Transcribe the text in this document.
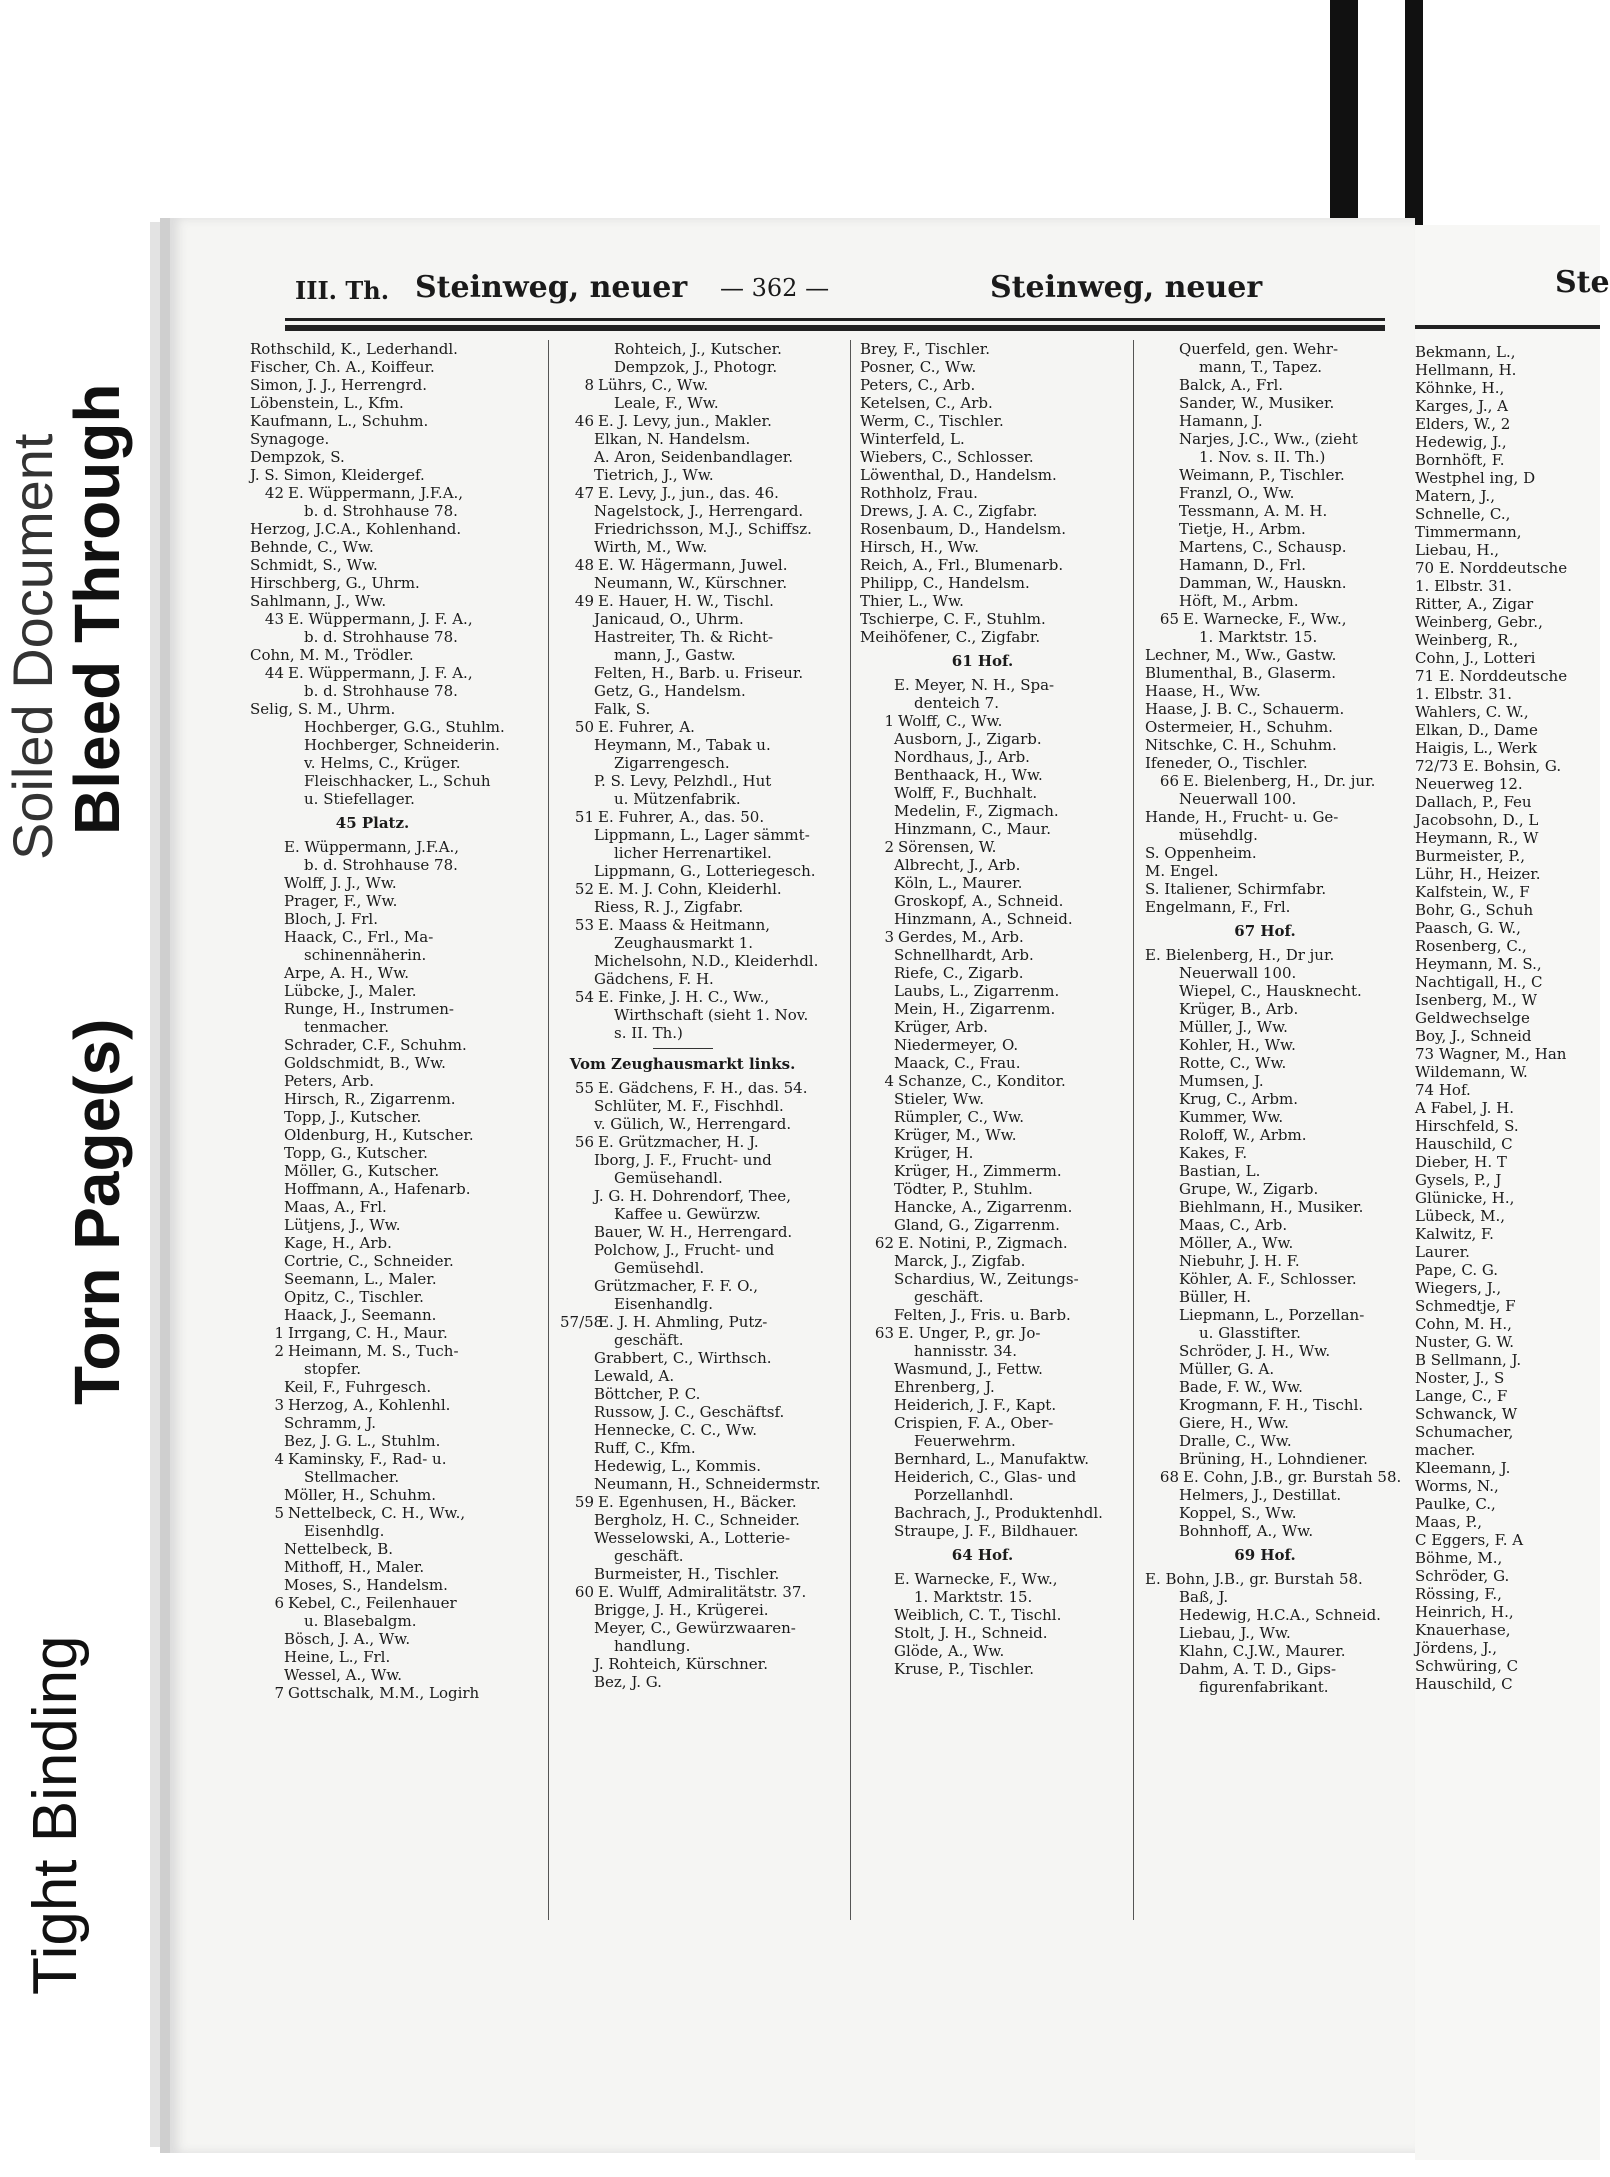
Soiled Document
Bleed Through
Torn Page(s)
Tight Binding
III. Th. Steinweg, neuer — 362 —	Steinweg, neuer
Rothschild, K., Lederhandl.
Fischer, Ch. A., Koiffeur.
Simon, J. J., Herrengrd.
Löbenstein, L., Kfm.
Kaufmann, L., Schuhm.
Synagoge.
Dempzok, S.
J. S. Simon, Kleidergef.
42 E. Wüppermann, J.F.A.,
b. d. Strohhause 78.
Herzog, J.C.A., Kohlenhand.
Behnde, C., Ww.
Schmidt, S., Ww.
Hirschberg, G., Uhrm.
Sahlmann, J., Ww.
43 E. Wüppermann, J. F. A.,
b. d. Strohhause 78.
Cohn, M. M., Trödler.
44 E. Wüppermann, J. F. A.,
b. d. Strohhause 78.
Selig, S. M., Uhrm.
Hochberger, G.G., Stuhlm.
Hochberger, Schneiderin.
v. Helms, C., Krüger.
Fleischhacker, L., Schuh
u. Stiefellager.
45 Platz.
E. Wüppermann, J.F.A.,
b. d. Strohhause 78.
Wolff, J. J., Ww.
Prager, F., Ww.
Bloch, J. Frl.
Haack, C., Frl., Ma-
schinennäherin.
Arpe, A. H., Ww.
Lübcke, J., Maler.
Runge, H., Instrumen-
tenmacher.
Schrader, C.F., Schuhm.
Goldschmidt, B., Ww.
Peters, Arb.
Hirsch, R., Zigarrenm.
Topp, J., Kutscher.
Oldenburg, H., Kutscher.
Topp, G., Kutscher.
Möller, G., Kutscher.
Hoffmann, A., Hafenarb.
Maas, A., Frl.
Lütjens, J., Ww.
Kage, H., Arb.
Cortrie, C., Schneider.
Seemann, L., Maler.
Opitz, C., Tischler.
Haack, J., Seemann.
1 Irrgang, C. H., Maur.
2 Heimann, M. S., Tuch-
stopfer.
Keil, F., Fuhrgesch.
3 Herzog, A., Kohlenhl.
Schramm, J.
Bez, J. G. L., Stuhlm.
4 Kaminsky, F., Rad- u.
Stellmacher.
Möller, H., Schuhm.
5 Nettelbeck, C. H., Ww.,
Eisenhdlg.
Nettelbeck, B.
Mithoff, H., Maler.
Moses, S., Handelsm.
6 Kebel, C., Feilenhauer
u. Blasebalgm.
Bösch, J. A., Ww.
Heine, L., Frl.
Wessel, A., Ww.
7 Gottschalk, M.M., Logirh
Rohteich, J., Kutscher.
Dempzok, J., Photogr.
8 Lührs, C., Ww.
Leale, F., Ww.
46 E. J. Levy, jun., Makler.
Elkan, N. Handelsm.
A. Aron, Seidenbandlager.
Tietrich, J., Ww.
47 E. Levy, J., jun., das. 46.
Nagelstock, J., Herrengard.
Friedrichsson, M.J., Schiffsz.
Wirth, M., Ww.
48 E. W. Hägermann, Juwel.
Neumann, W., Kürschner.
49 E. Hauer, H. W., Tischl.
Janicaud, O., Uhrm.
Hastreiter, Th. & Richt-
mann, J., Gastw.
Felten, H., Barb. u. Friseur.
Getz, G., Handelsm.
Falk, S.
50 E. Fuhrer, A.
Heymann, M., Tabak u.
Zigarrengesch.
P. S. Levy, Pelzhdl., Hut
u. Mützenfabrik.
51 E. Fuhrer, A., das. 50.
Lippmann, L., Lager sämmt-
licher Herrenartikel.
Lippmann, G., Lotteriegesch.
52 E. M. J. Cohn, Kleiderhl.
Riess, R. J., Zigfabr.
53 E. Maass & Heitmann,
Zeughausmarkt 1.
Michelsohn, N.D., Kleiderhdl.
Gädchens, F. H.
54 E. Finke, J. H. C., Ww.,
Wirthschaft (sieht 1. Nov.
s. II. Th.)
Vom Zeughausmarkt links.
55 E. Gädchens, F. H., das. 54.
Schlüter, M. F., Fischhdl.
v. Gülich, W., Herrengard.
56 E. Grützmacher, H. J.
Iborg, J. F., Frucht- und
Gemüsehandl.
J. G. H. Dohrendorf, Thee,
Kaffee u. Gewürzw.
Bauer, W. H., Herrengard.
Polchow, J., Frucht- und
Gemüsehdl.
Grützmacher, F. F. O.,
Eisenhandlg.
57/58E. J. H. Ahmling, Putz-
geschäft.
Grabbert, C., Wirthsch.
Lewald, A.
Böttcher, P. C.
Russow, J. C., Geschäftsf.
Hennecke, C. C., Ww.
Ruff, C., Kfm.
Hedewig, L., Kommis.
Neumann, H., Schneidermstr.
59 E. Egenhusen, H., Bäcker.
Bergholz, H. C., Schneider.
Wesselowski, A., Lotterie-
geschäft.
Burmeister, H., Tischler.
60 E. Wulff, Admiralitätstr. 37.
Brigge, J. H., Krügerei.
Meyer, C., Gewürzwaaren-
handlung.
J. Rohteich, Kürschner.
Bez, J. G.
Brey, F., Tischler.
Posner, C., Ww.
Peters, C., Arb.
Ketelsen, C., Arb.
Werm, C., Tischler.
Winterfeld, L.
Wiebers, C., Schlosser.
Löwenthal, D., Handelsm.
Rothholz, Frau.
Drews, J. A. C., Zigfabr.
Rosenbaum, D., Handelsm.
Hirsch, H., Ww.
Reich, A., Frl., Blumenarb.
Philipp, C., Handelsm.
Thier, L., Ww.
Tschierpe, C. F., Stuhlm.
Meihöfener, C., Zigfabr.
61 Hof.
E. Meyer, N. H., Spa-
denteich 7.
1 Wolff, C., Ww.
Ausborn, J., Zigarb.
Nordhaus, J., Arb.
Benthaack, H., Ww.
Wolff, F., Buchhalt.
Medelin, F., Zigmach.
Hinzmann, C., Maur.
2 Sörensen, W.
Albrecht, J., Arb.
Köln, L., Maurer.
Groskopf, A., Schneid.
Hinzmann, A., Schneid.
3 Gerdes, M., Arb.
Schnellhardt, Arb.
Riefe, C., Zigarb.
Laubs, L., Zigarrenm.
Mein, H., Zigarrenm.
Krüger, Arb.
Niedermeyer, O.
Maack, C., Frau.
4 Schanze, C., Konditor.
Stieler, Ww.
Rümpler, C., Ww.
Krüger, M., Ww.
Krüger, H.
Krüger, H., Zimmerm.
Tödter, P., Stuhlm.
Hancke, A., Zigarrenm.
Gland, G., Zigarrenm.
62 E. Notini, P., Zigmach.
Marck, J., Zigfab.
Schardius, W., Zeitungs-
geschäft.
Felten, J., Fris. u. Barb.
63 E. Unger, P., gr. Jo-
hannisstr. 34.
Wasmund, J., Fettw.
Ehrenberg, J.
Heiderich, J. F., Kapt.
Crispien, F. A., Ober-
Feuerwehrm.
Bernhard, L., Manufaktw.
Heiderich, C., Glas- und
Porzellanhdl.
Bachrach, J., Produktenhdl.
Straupe, J. F., Bildhauer.
64 Hof.
E. Warnecke, F., Ww.,
1. Marktstr. 15.
Weiblich, C. T., Tischl.
Stolt, J. H., Schneid.
Glöde, A., Ww.
Kruse, P., Tischler.
Querfeld, gen. Wehr-
mann, T., Tapez.
Balck, A., Frl.
Sander, W., Musiker.
Hamann, J.
Narjes, J.C., Ww., (zieht
1. Nov. s. II. Th.)
Weimann, P., Tischler.
Franzl, O., Ww.
Tessmann, A. M. H.
Tietje, H., Arbm.
Martens, C., Schausp.
Hamann, D., Frl.
Damman, W., Hauskn.
Höft, M., Arbm.
65 E. Warnecke, F., Ww.,
1. Marktstr. 15.
Lechner, M., Ww., Gastw.
Blumenthal, B., Glaserm.
Haase, H., Ww.
Haase, J. B. C., Schauerm.
Ostermeier, H., Schuhm.
Nitschke, C. H., Schuhm.
Ifeneder, O., Tischler.
66 E. Bielenberg, H., Dr. jur.
Neuerwall 100.
Hande, H., Frucht- u. Ge-
müsehdlg.
S. Oppenheim.
M. Engel.
S. Italiener, Schirmfabr.
Engelmann, F., Frl.
67 Hof.
E. Bielenberg, H., Dr jur.
Neuerwall 100.
Wiepel, C., Hausknecht.
Krüger, B., Arb.
Müller, J., Ww.
Kohler, H., Ww.
Rotte, C., Ww.
Mumsen, J.
Krug, C., Arbm.
Kummer, Ww.
Roloff, W., Arbm.
Kakes, F.
Bastian, L.
Grupe, W., Zigarb.
Biehlmann, H., Musiker.
Maas, C., Arb.
Möller, A., Ww.
Niebuhr, J. H. F.
Köhler, A. F., Schlosser.
Büller, H.
Liepmann, L., Porzellan-
u. Glasstifter.
Schröder, J. H., Ww.
Müller, G. A.
Bade, F. W., Ww.
Krogmann, F. H., Tischl.
Giere, H., Ww.
Dralle, C., Ww.
Brüning, H., Lohndiener.
68 E. Cohn, J.B., gr. Burstah 58.
Helmers, J., Destillat.
Koppel, S., Ww.
Bohnhoff, A., Ww.
69 Hof.
E. Bohn, J.B., gr. Burstah 58.
Baß, J.
Hedewig, H.C.A., Schneid.
Liebau, J., Ww.
Klahn, C.J.W., Maurer.
Dahm, A. T. D., Gips-
figurenfabrikant.
Ste
Bekmann, L.,
Hellmann, H.
Köhnke, H.,
Karges, J., A
Elders, W., 2
Hedewig, J.,
Bornhöft, F.
Westphel ing, D
Matern, J.,
Schnelle, C.,
Timmermann,
Liebau, H.,
70 E. Norddeutsche
1. Elbstr. 31.
Ritter, A., Zigar
Weinberg, Gebr.,
Weinberg, R.,
Cohn, J., Lotteri
71 E. Norddeutsche
1. Elbstr. 31.
Wahlers, C. W.,
Elkan, D., Dame
Haigis, L., Werk
72/73 E. Bohsin, G.
Neuerweg 12.
Dallach, P., Feu
Jacobsohn, D., L
Heymann, R., W
Burmeister, P.,
Lühr, H., Heizer.
Kalfstein, W., F
Bohr, G., Schuh
Paasch, G. W.,
Rosenberg, C.,
Heymann, M. S.,
Nachtigall, H., C
Isenberg, M., W
Geldwechselge
Boy, J., Schneid
73 Wagner, M., Han
Wildemann, W.
74 Hof.
A Fabel, J. H.
Hirschfeld, S.
Hauschild, C
Dieber, H. T
Gysels, P., J
Glünicke, H.,
Lübeck, M.,
Kalwitz, F.
Laurer.
Pape, C. G.
Wiegers, J.,
Schmedtje, F
Cohn, M. H.,
Nuster, G. W.
B Sellmann, J.
Noster, J., S
Lange, C., F
Schwanck, W
Schumacher,
macher.
Kleemann, J.
Worms, N.,
Paulke, C.,
Maas, P.,
C Eggers, F. A
Böhme, M.,
Schröder, G.
Rössing, F.,
Heinrich, H.,
Knauerhase,
Jördens, J.,
Schwüring, C
Hauschild, C
